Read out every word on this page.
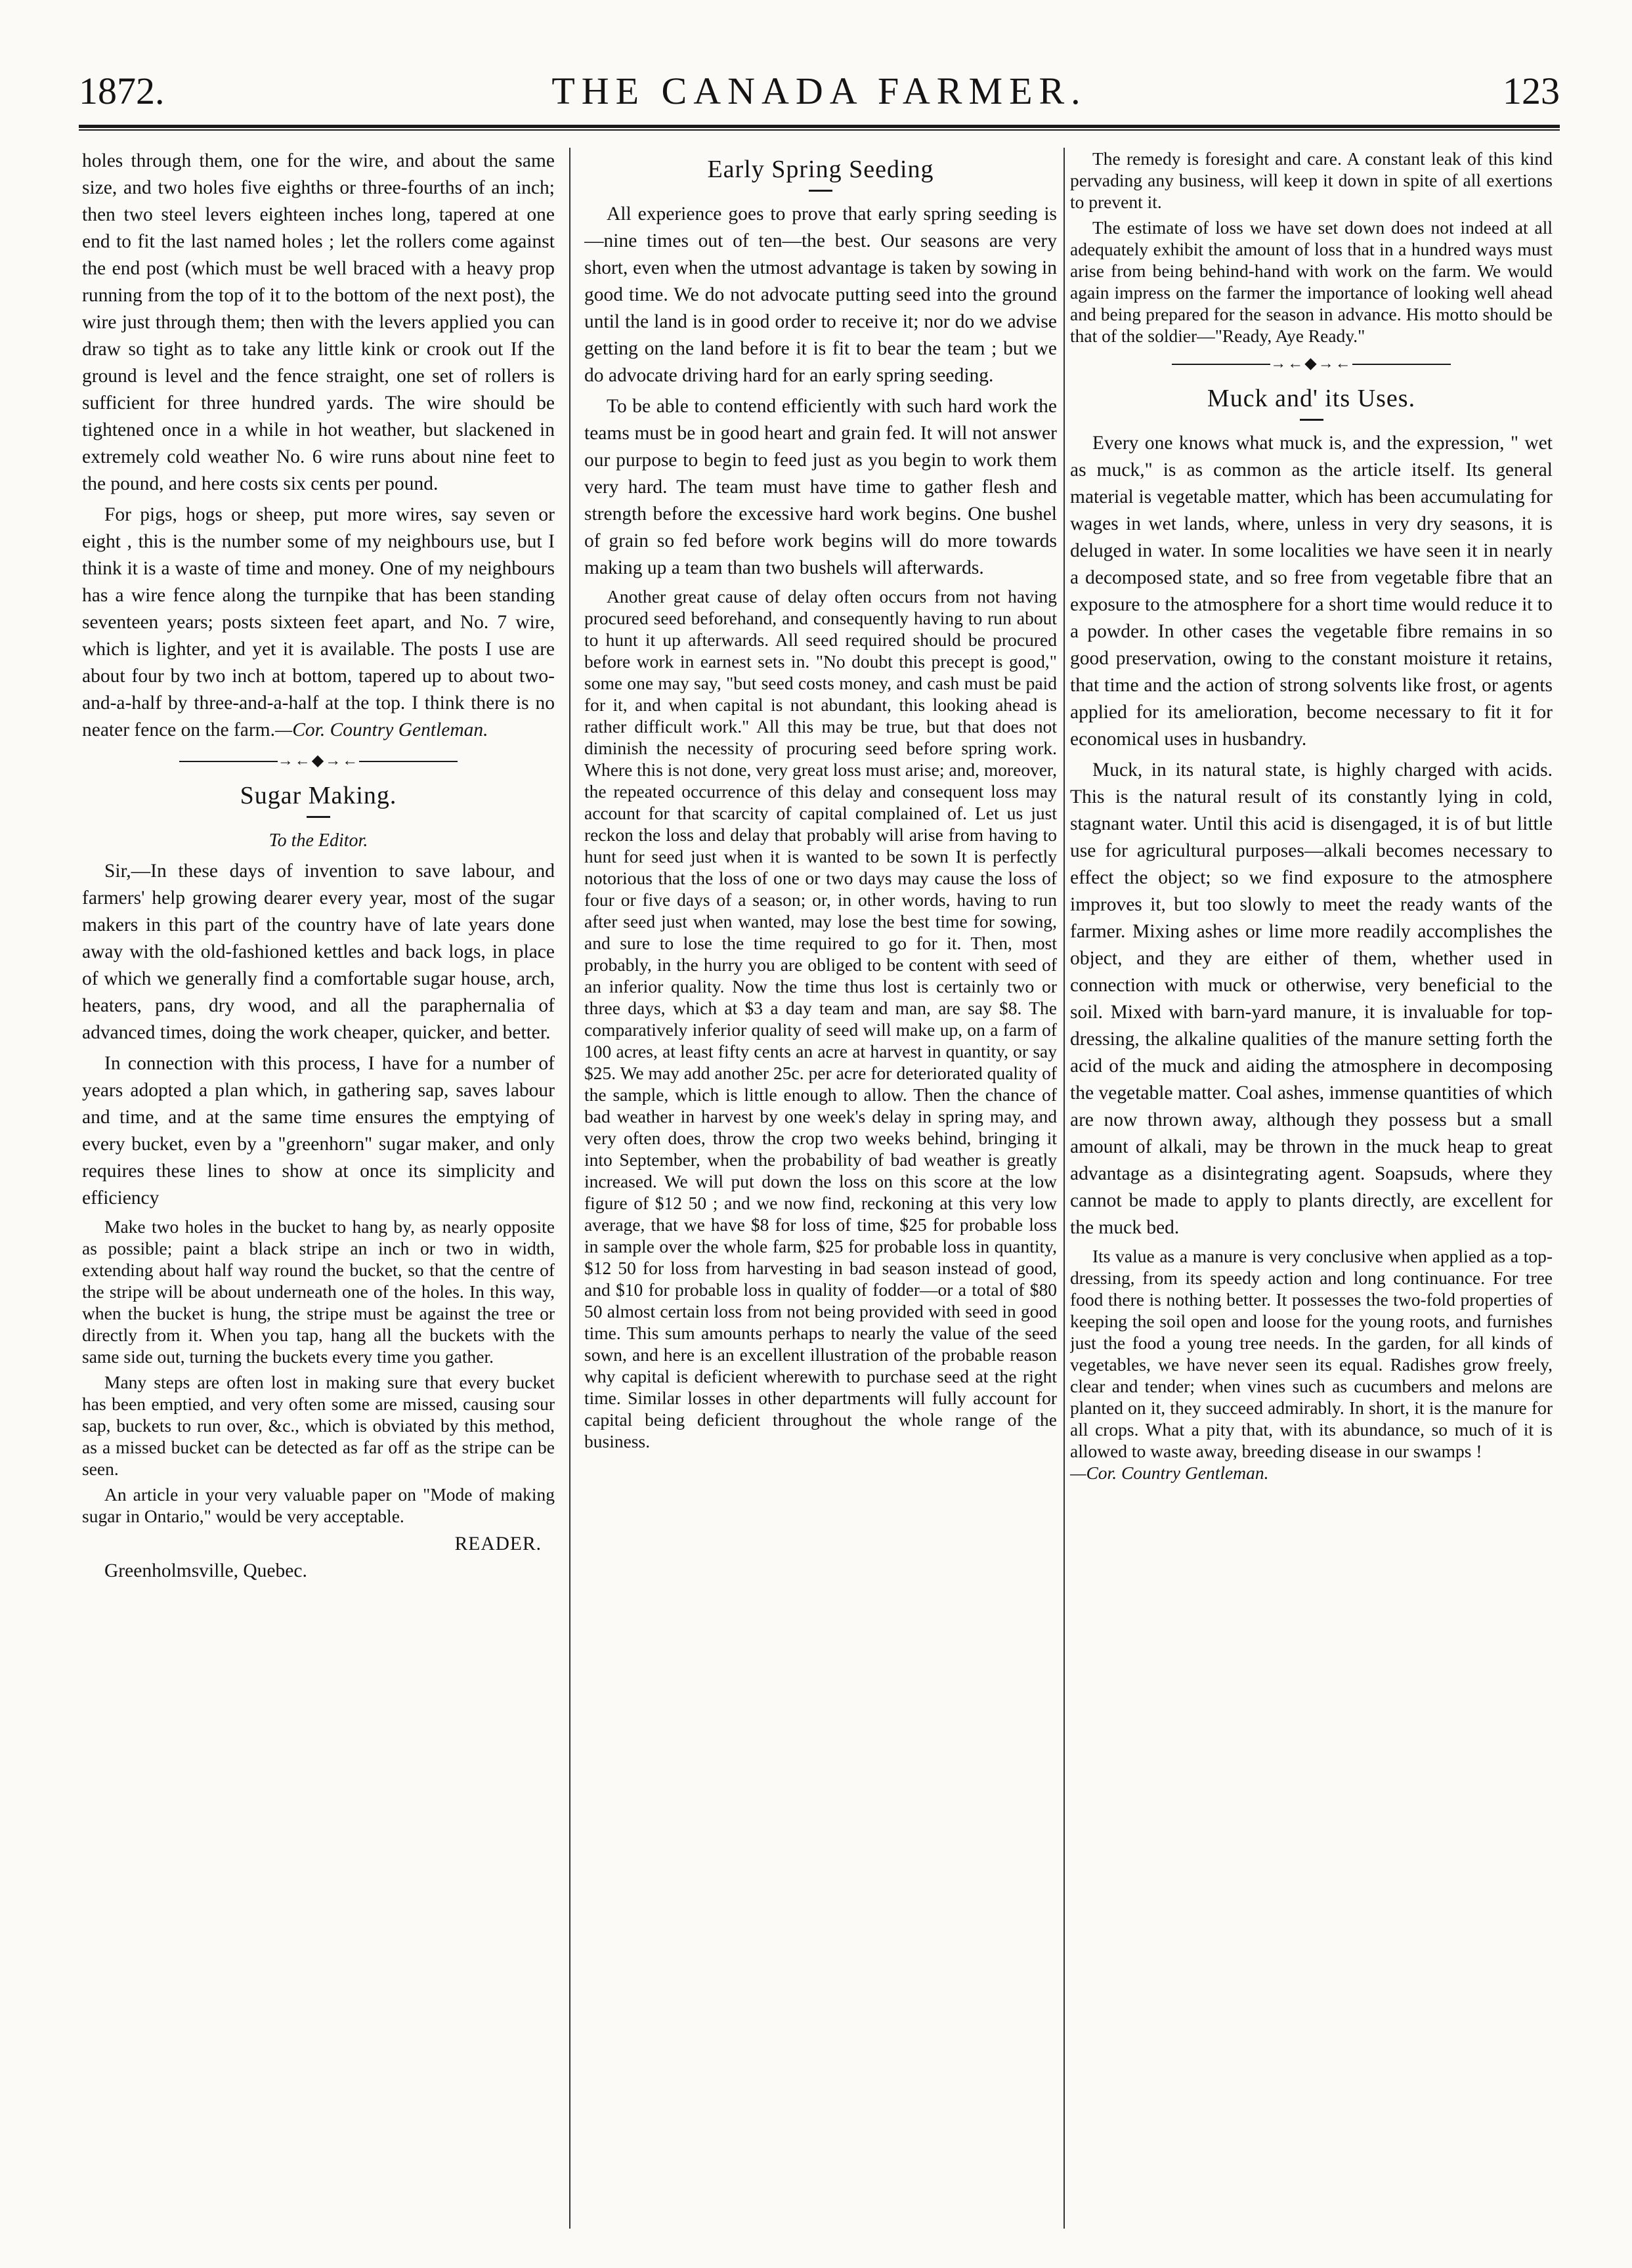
1872.	THE CANADA FARMER.	123

holes through them, one for the wire, and about the same size, and two holes five eighths or three-fourths of an inch; then two steel levers eighteen inches long, tapered at one end to fit the last named holes ; let the rollers come against the end post (which must be well braced with a heavy prop running from the top of it to the bottom of the next post), the wire just through them; then with the levers applied you can draw so tight as to take any little kink or crook out If the ground is level and the fence straight, one set of rollers is sufficient for three hundred yards. The wire should be tightened once in a while in hot weather, but slackened in extremely cold weather No. 6 wire runs about nine feet to the pound, and here costs six cents per pound.

For pigs, hogs or sheep, put more wires, say seven or eight , this is the number some of my neighbours use, but I think it is a waste of time and money. One of my neighbours has a wire fence along the turnpike that has been standing seventeen years; posts sixteen feet apart, and No. 7 wire, which is lighter, and yet it is available. The posts I use are about four by two inch at bottom, tapered up to about two-and-a-half by three-and-a-half at the top. I think there is no neater fence on the farm.—Cor. Country Gentleman.

→←◆→←
Sugar Making.
To the Editor.

Sir,—In these days of invention to save labour, and farmers' help growing dearer every year, most of the sugar makers in this part of the country have of late years done away with the old-fashioned kettles and back logs, in place of which we generally find a comfortable sugar house, arch, heaters, pans, dry wood, and all the paraphernalia of advanced times, doing the work cheaper, quicker, and better.

In connection with this process, I have for a number of years adopted a plan which, in gathering sap, saves labour and time, and at the same time ensures the emptying of every bucket, even by a "greenhorn" sugar maker, and only requires these lines to show at once its simplicity and efficiency

Make two holes in the bucket to hang by, as nearly opposite as possible; paint a black stripe an inch or two in width, extending about half way round the bucket, so that the centre of the stripe will be about underneath one of the holes. In this way, when the bucket is hung, the stripe must be against the tree or directly from it. When you tap, hang all the buckets with the same side out, turning the buckets every time you gather.

Many steps are often lost in making sure that every bucket has been emptied, and very often some are missed, causing sour sap, buckets to run over, &c., which is obviated by this method, as a missed bucket can be detected as far off as the stripe can be seen.

An article in your very valuable paper on "Mode of making sugar in Ontario," would be very acceptable.

READER.

Greenholmsville, Quebec.

Early Spring Seeding

All experience goes to prove that early spring seeding is—nine times out of ten—the best. Our seasons are very short, even when the utmost advantage is taken by sowing in good time. We do not advocate putting seed into the ground until the land is in good order to receive it; nor do we advise getting on the land before it is fit to bear the team ; but we do advocate driving hard for an early spring seeding.

To be able to contend efficiently with such hard work the teams must be in good heart and grain fed. It will not answer our purpose to begin to feed just as you begin to work them very hard. The team must have time to gather flesh and strength before the excessive hard work begins. One bushel of grain so fed before work begins will do more towards making up a team than two bushels will afterwards.

Another great cause of delay often occurs from not having procured seed beforehand, and consequently having to run about to hunt it up afterwards. All seed required should be procured before work in earnest sets in. "No doubt this precept is good," some one may say, "but seed costs money, and cash must be paid for it, and when capital is not abundant, this looking ahead is rather difficult work." All this may be true, but that does not diminish the necessity of procuring seed before spring work. Where this is not done, very great loss must arise; and, moreover, the repeated occurrence of this delay and consequent loss may account for that scarcity of capital complained of. Let us just reckon the loss and delay that probably will arise from having to hunt for seed just when it is wanted to be sown It is perfectly notorious that the loss of one or two days may cause the loss of four or five days of a season; or, in other words, having to run after seed just when wanted, may lose the best time for sowing, and sure to lose the time required to go for it. Then, most probably, in the hurry you are obliged to be content with seed of an inferior quality. Now the time thus lost is certainly two or three days, which at $3 a day team and man, are say $8. The comparatively inferior quality of seed will make up, on a farm of 100 acres, at least fifty cents an acre at harvest in quantity, or say $25. We may add another 25c. per acre for deteriorated quality of the sample, which is little enough to allow. Then the chance of bad weather in harvest by one week's delay in spring may, and very often does, throw the crop two weeks behind, bringing it into September, when the probability of bad weather is greatly increased. We will put down the loss on this score at the low figure of $12 50 ; and we now find, reckoning at this very low average, that we have $8 for loss of time, $25 for probable loss in sample over the whole farm, $25 for probable loss in quantity, $12 50 for loss from harvesting in bad season instead of good, and $10 for probable loss in quality of fodder—or a total of $80 50 almost certain loss from not being provided with seed in good time. This sum amounts perhaps to nearly the value of the seed sown, and here is an excellent illustration of the probable reason why capital is deficient wherewith to purchase seed at the right time. Similar losses in other departments will fully account for capital being deficient throughout the whole range of the business.

The remedy is foresight and care. A constant leak of this kind pervading any business, will keep it down in spite of all exertions to prevent it.

The estimate of loss we have set down does not indeed at all adequately exhibit the amount of loss that in a hundred ways must arise from being behind-hand with work on the farm. We would again impress on the farmer the importance of looking well ahead and being prepared for the season in advance. His motto should be that of the soldier—"Ready, Aye Ready."

→←◆→←
Muck and' its Uses.

Every one knows what muck is, and the expression, " wet as muck," is as common as the article itself. Its general material is vegetable matter, which has been accumulating for wages in wet lands, where, unless in very dry seasons, it is deluged in water. In some localities we have seen it in nearly a decomposed state, and so free from vegetable fibre that an exposure to the atmosphere for a short time would reduce it to a powder. In other cases the vegetable fibre remains in so good preservation, owing to the constant moisture it retains, that time and the action of strong solvents like frost, or agents applied for its amelioration, become necessary to fit it for economical uses in husbandry.

Muck, in its natural state, is highly charged with acids. This is the natural result of its constantly lying in cold, stagnant water. Until this acid is disengaged, it is of but little use for agricultural purposes—alkali becomes necessary to effect the object; so we find exposure to the atmosphere improves it, but too slowly to meet the ready wants of the farmer. Mixing ashes or lime more readily accomplishes the object, and they are either of them, whether used in connection with muck or otherwise, very beneficial to the soil. Mixed with barn-yard manure, it is invaluable for top-dressing, the alkaline qualities of the manure setting forth the acid of the muck and aiding the atmosphere in decomposing the vegetable matter. Coal ashes, immense quantities of which are now thrown away, although they possess but a small amount of alkali, may be thrown in the muck heap to great advantage as a disintegrating agent. Soapsuds, where they cannot be made to apply to plants directly, are excellent for the muck bed.

Its value as a manure is very conclusive when applied as a top-dressing, from its speedy action and long continuance. For tree food there is nothing better. It possesses the two-fold properties of keeping the soil open and loose for the young roots, and furnishes just the food a young tree needs. In the garden, for all kinds of vegetables, we have never seen its equal. Radishes grow freely, clear and tender; when vines such as cucumbers and melons are planted on it, they succeed admirably. In short, it is the manure for all crops. What a pity that, with its abundance, so much of it is allowed to waste away, breeding disease in our swamps !
—Cor. Country Gentleman.
